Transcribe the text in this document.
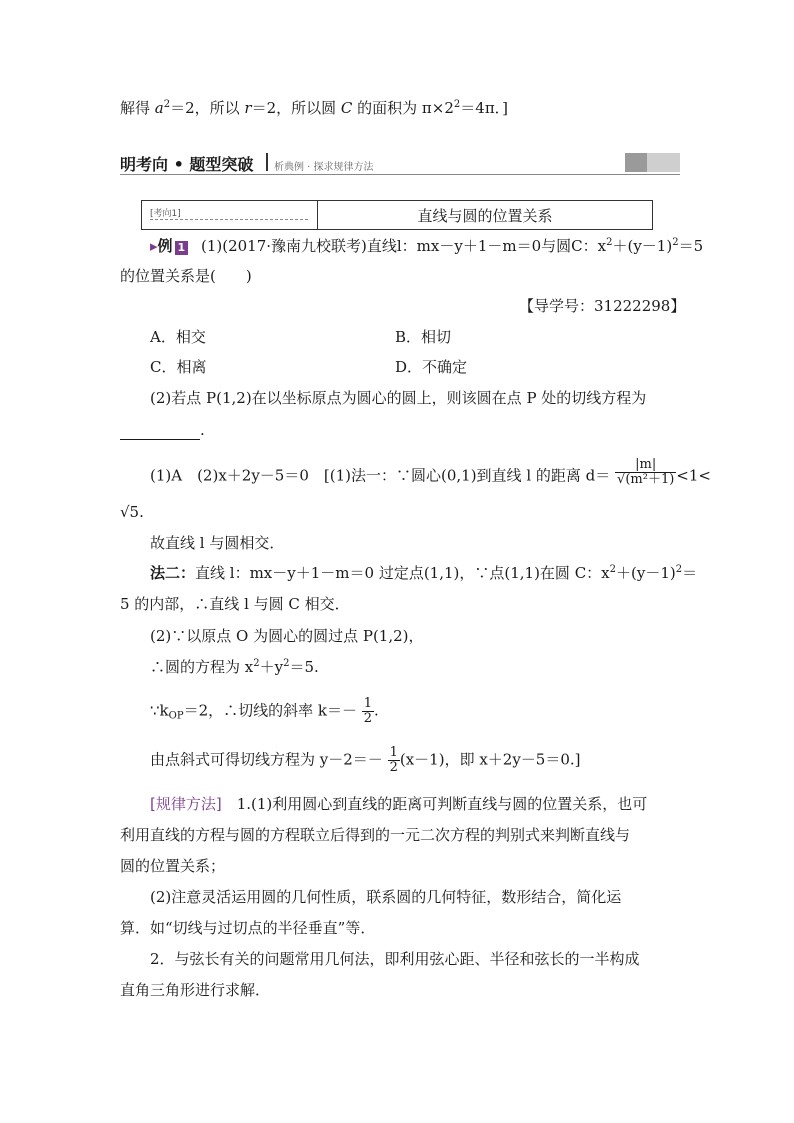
解得 $a^2=2$，所以 r＝2，所以圆 C 的面积为 $\pi\times 2^2=4\pi$．]
明考向 • 题型突破 析典例 · 探求规律方法
[考向1]	直线与圆的位置关系
▸例 1 (1)(2017·豫南九校联考)直线l：mx－y＋1－m＝0与圆C：$x^2+(y-1)^2=5$
的位置关系是(　　)
【导学号：31222298】
A．相交	B．相切
C．相离	D．不确定
(2)若点 P(1,2)在以坐标原点为圆心的圆上，则该圆在点 P 处的切线方程为
.
(1)A　(2)x＋2y－5＝0　[(1)法一：∵圆心(0,1)到直线 l 的距离 $d= \frac{|m|}{\text{√(m²＋1)}} <1<$
√5.
故直线 l 与圆相交．
法二：直线 l：mx－y＋1－m＝0 过定点(1,1)，∵点(1,1)在圆 C：$x^2+(y-1)^2=$
5 的内部，∴直线 l 与圆 C 相交．
(2)∵以原点 O 为圆心的圆过点 P(1,2)，
∴圆的方程为 $x^2+y^2=5$.
$\because k_{OP}=2$，∴切线的斜率 $k=- \frac{1}{2}$ .
由点斜式可得切线方程为 $y-2=- \frac{1}{2} (x-1)$，即 x＋2y－5＝0.]
[规律方法]　1.(1)利用圆心到直线的距离可判断直线与圆的位置关系，也可
利用直线的方程与圆的方程联立后得到的一元二次方程的判别式来判断直线与
圆的位置关系；
(2)注意灵活运用圆的几何性质，联系圆的几何特征，数形结合，简化运
算．如“切线与过切点的半径垂直”等．
2．与弦长有关的问题常用几何法，即利用弦心距、半径和弦长的一半构成
直角三角形进行求解．
